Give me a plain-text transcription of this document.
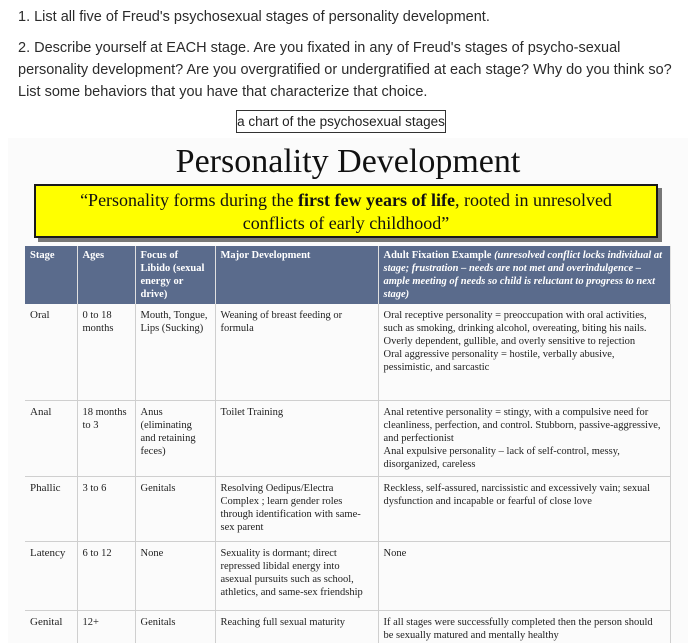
1. List all five of Freud's psychosexual stages of personality development.
2. Describe yourself at EACH stage. Are you fixated in any of Freud's stages of psycho-sexual personality development? Are you overgratified or undergratified at each stage? Why do you think so? List some behaviors that you have that characterize that choice.
a chart of the psychosexual stages
Personality Development
“Personality forms during the first few years of life, rooted in unresolved conflicts of early childhood”
Stage	Ages	Focus of Libido (sexual energy or drive)	Major Development	Adult Fixation Example (unresolved conflict locks individual at stage; frustration – needs are not met and overindulgence – ample meeting of needs so child is reluctant to progress to next stage)
Oral	0 to 18 months	Mouth, Tongue, Lips (Sucking)	Weaning of breast feeding or formula	Oral receptive personality = preoccupation with oral activities, such as smoking, drinking alcohol, overeating, biting his nails. Overly dependent, gullible, and overly sensitive to rejection
Oral aggressive personality = hostile, verbally abusive, pessimistic, and sarcastic

Anal	18 months to 3	Anus (eliminating and retaining feces)	Toilet Training	Anal retentive personality = stingy, with a compulsive need for cleanliness, perfection, and control. Stubborn, passive-aggressive, and perfectionist
Anal expulsive personality – lack of self-control, messy, disorganized, careless

Phallic	3 to 6	Genitals	Resolving Oedipus/Electra Complex ; learn gender roles through identification with same-sex parent	Reckless, self-assured, narcissistic and excessively vain; sexual dysfunction and incapable or fearful of close love
Latency	6 to 12	None	Sexuality is dormant; direct repressed libidal energy into asexual pursuits such as school, athletics, and same-sex friendship	None
Genital	12+	Genitals	Reaching full sexual maturity	If all stages were successfully completed then the person should be sexually matured and mentally healthy
